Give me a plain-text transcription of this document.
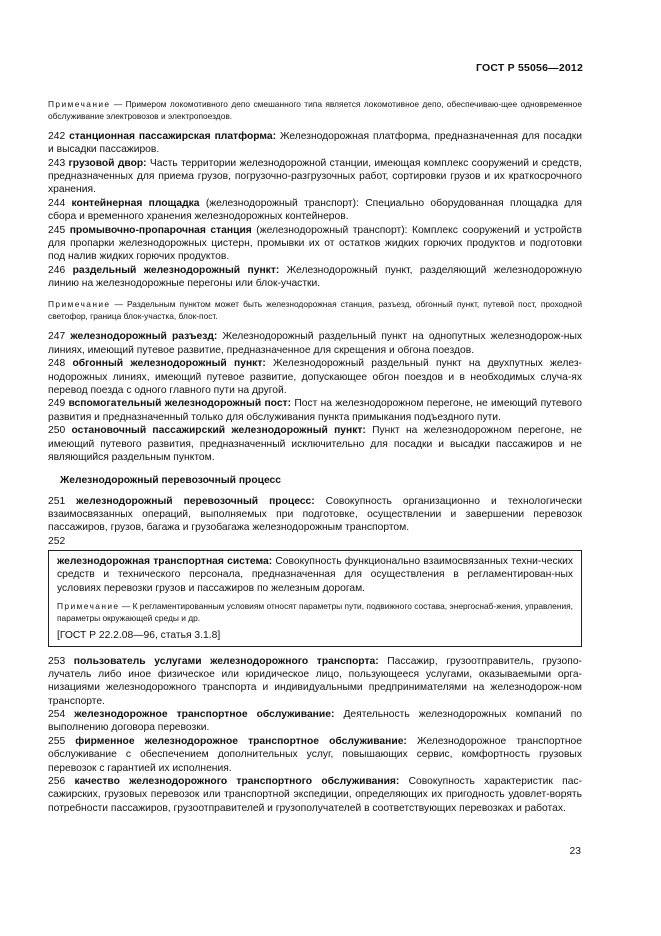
ГОСТ Р 55056—2012

Примечание — Примером локомотивного депо смешанного типа является локомотивное депо, обеспечиваю-щее одновременное обслуживание электровозов и электропоездов.

242 станционная пассажирская платформа: Железнодорожная платформа, предназначенная для посадки и высадки пассажиров.

243 грузовой двор: Часть территории железнодорожной станции, имеющая комплекс сооружений и средств, предназначенных для приема грузов, погрузочно-разгрузочных работ, сортировки грузов и их краткосрочного хранения.

244 контейнерная площадка (железнодорожный транспорт): Специально оборудованная площадка для сбора и временного хранения железнодорожных контейнеров.

245 промывочно-пропарочная станция (железнодорожный транспорт): Комплекс сооружений и устройств для пропарки железнодорожных цистерн, промывки их от остатков жидких горючих продуктов и подготовки под налив жидких горючих продуктов.

246 раздельный железнодорожный пункт: Железнодорожный пункт, разделяющий железнодорожную линию на железнодорожные перегоны или блок-участки.

Примечание — Раздельным пунктом может быть железнодорожная станция, разъезд, обгонный пункт, путевой пост, проходной светофор, граница блок-участка, блок-пост.

247 железнодорожный разъезд: Железнодорожный раздельный пункт на однопутных железнодорож-ных линиях, имеющий путевое развитие, предназначенное для скрещения и обгона поездов.

248 обгонный железнодорожный пункт: Железнодорожный раздельный пункт на двухпутных желез-нодорожных линиях, имеющий путевое развитие, допускающее обгон поездов и в необходимых случа-ях перевод поезда с одного главного пути на другой.

249 вспомогательный железнодорожный пост: Пост на железнодорожном перегоне, не имеющий путевого развития и предназначенный только для обслуживания пункта примыкания подъездного пути.

250 остановочный пассажирский железнодорожный пункт: Пункт на железнодорожном перегоне, не имеющий путевого развития, предназначенный исключительно для посадки и высадки пассажиров и не являющийся раздельным пунктом.

Железнодорожный перевозочный процесс

251 железнодорожный перевозочный процесс: Совокупность организационно и технологически взаимосвязанных операций, выполняемых при подготовке, осуществлении и завершении перевозок пассажиров, грузов, багажа и грузобагажа железнодорожным транспортом.

252

железнодорожная транспортная система: Совокупность функционально взаимосвязанных техни-ческих средств и технического персонала, предназначенная для осуществления в регламентирован-ных условиях перевозки грузов и пассажиров по железным дорогам.

Примечание — К регламентированным условиям относят параметры пути, подвижного состава, энергоснаб-жения, управления, параметры окружающей среды и др.

[ГОСТ Р 22.2.08—96, статья 3.1.8]

253 пользователь услугами железнодорожного транспорта: Пассажир, грузоотправитель, грузопо-лучатель либо иное физическое или юридическое лицо, пользующееся услугами, оказываемыми орга-низациями железнодорожного транспорта и индивидуальными предпринимателями на железнодорож-ном транспорте.

254 железнодорожное транспортное обслуживание: Деятельность железнодорожных компаний по выполнению договора перевозки.

255 фирменное железнодорожное транспортное обслуживание: Железнодорожное транспортное обслуживание с обеспечением дополнительных услуг, повышающих сервис, комфортность грузовых перевозок с гарантией их исполнения.

256 качество железнодорожного транспортного обслуживания: Совокупность характеристик пас-сажирских, грузовых перевозок или транспортной экспедиции, определяющих их пригодность удовлет-ворять потребности пассажиров, грузоотправителей и грузополучателей в соответствующих перевозках и работах.

23
